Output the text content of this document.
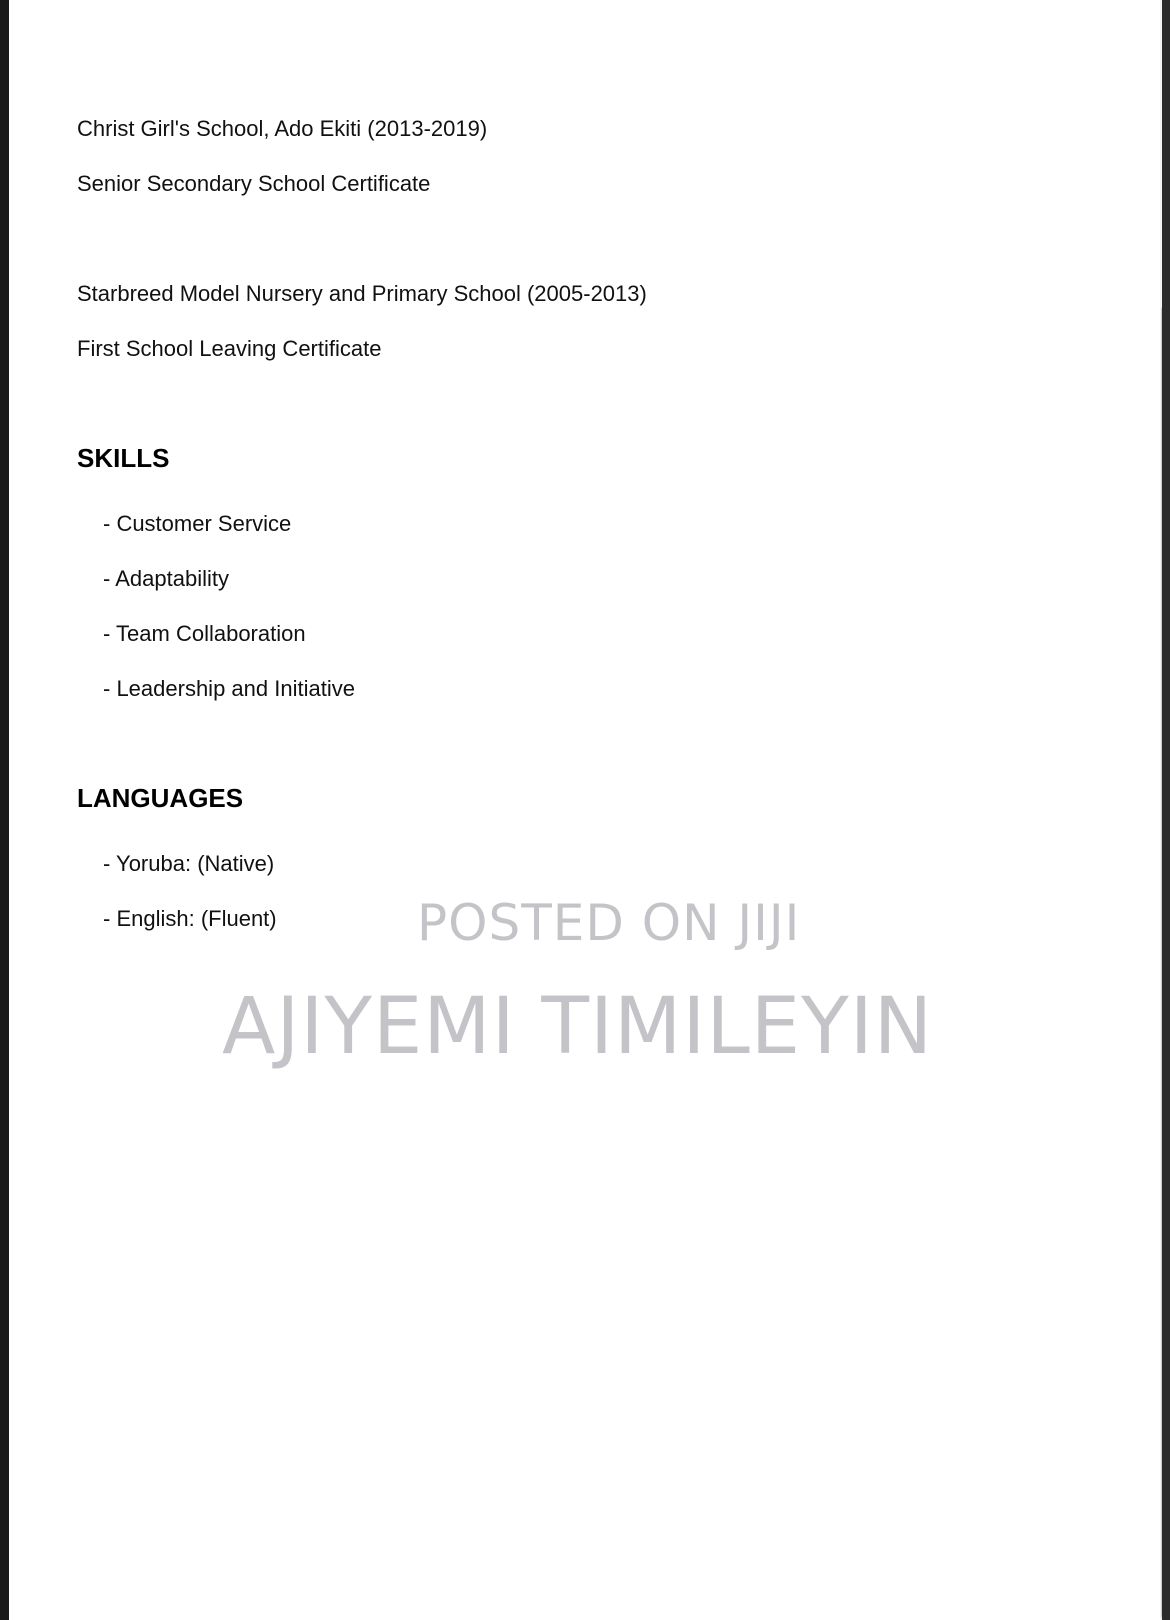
Christ Girl's School, Ado Ekiti (2013-2019)

Senior Secondary School Certificate

Starbreed Model Nursery and Primary School (2005-2013)

First School Leaving Certificate

SKILLS
- Customer Service
- Adaptability
- Team Collaboration
- Leadership and Initiative
LANGUAGES
- Yoruba: (Native)
- English: (Fluent)	POSTED ON JIJI
AJIYEMI TIMILEYIN
